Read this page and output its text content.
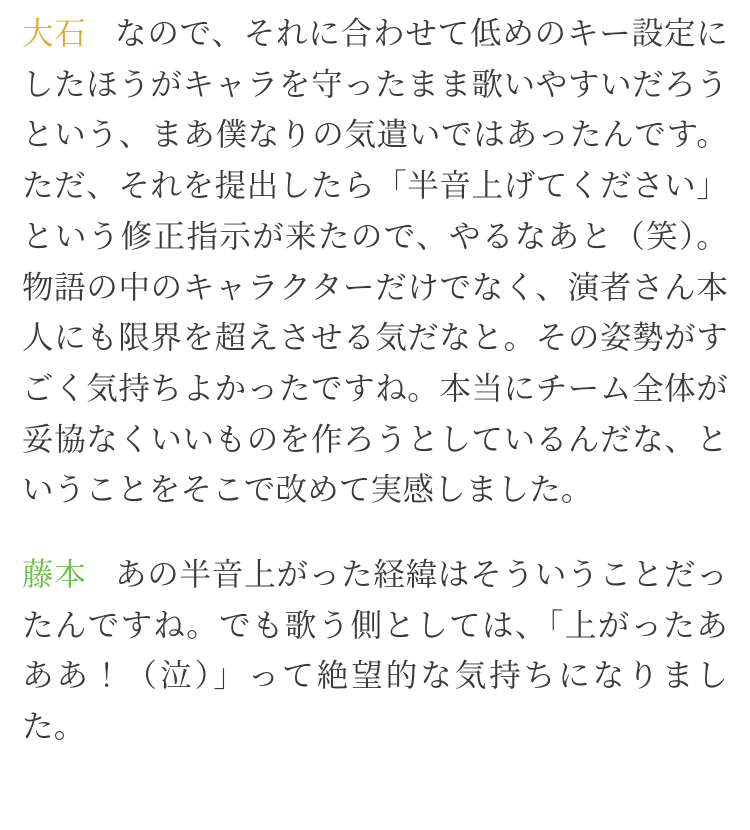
大石 なので、それに合わせて低めのキー設定にしたほうがキャラを守ったまま歌いやすいだろうという、まあ僕なりの気遣いではあったんです。ただ、それを提出したら「半音上げてください」という修正指示が来たので、やるなあと（笑）。物語の中のキャラクターだけでなく、演者さん本人にも限界を超えさせる気だなと。その姿勢がすごく気持ちよかったですね。本当にチーム全体が妥協なくいいものを作ろうとしているんだな、ということをそこで改めて実感しました。

藤本 あの半音上がった経緯はそういうことだったんですね。でも歌う側としては、「上がったあああ！（泣）」って絶望的な気持ちになりました。
